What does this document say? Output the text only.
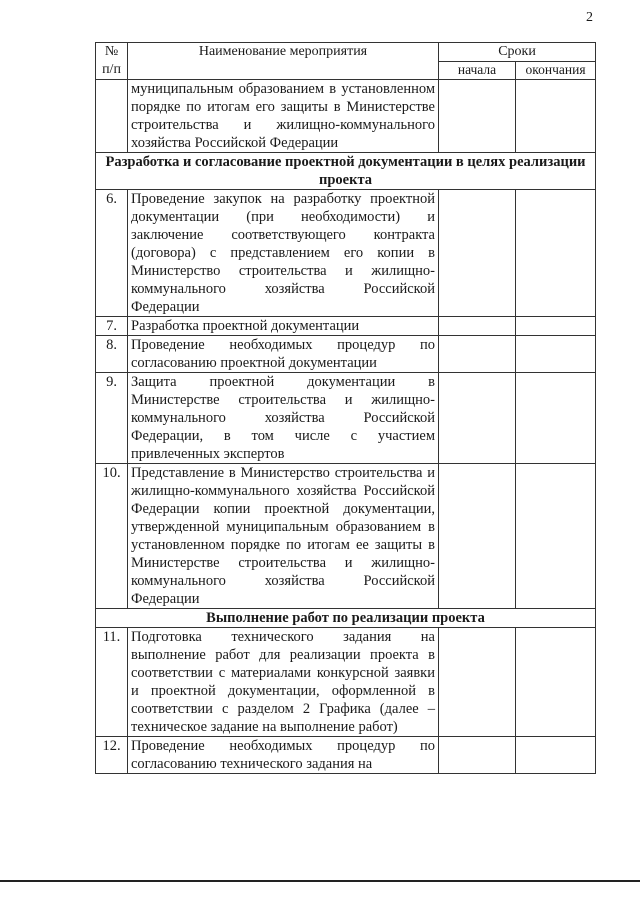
2
№
п/п	Наименование мероприятия	Сроки	
		начала	окончания
	муниципальным образованием в установленном порядке по итогам его защиты в Министерстве строительства и жилищно-коммунального хозяйства Российской Федерации		
Разработка и согласование проектной документации в целях реализации проекта			
6.	Проведение закупок на разработку проектной документации (при необходимости) и заключение соответствующего контракта (договора) с представлением его копии в Министерство строительства и жилищно-коммунального хозяйства Российской Федерации		
7.	Разработка проектной документации		
8.	Проведение необходимых процедур по согласованию проектной документации		
9.	Защита проектной документации в Министерстве строительства и жилищно-коммунального хозяйства Российской Федерации, в том числе с участием привлеченных экспертов		
10.	Представление в Министерство строительства и жилищно-коммунального хозяйства Российской Федерации копии проектной документации, утвержденной муниципальным образованием в установленном порядке по итогам ее защиты в Министерстве строительства и жилищно-коммунального хозяйства Российской Федерации		
Выполнение работ по реализации проекта			
11.	Подготовка технического задания на выполнение работ для реализации проекта в соответствии с материалами конкурсной заявки и проектной документации, оформленной в соответствии с разделом 2 Графика (далее – техническое задание на выполнение работ)		
12.	Проведение необходимых процедур по согласованию технического задания на		
